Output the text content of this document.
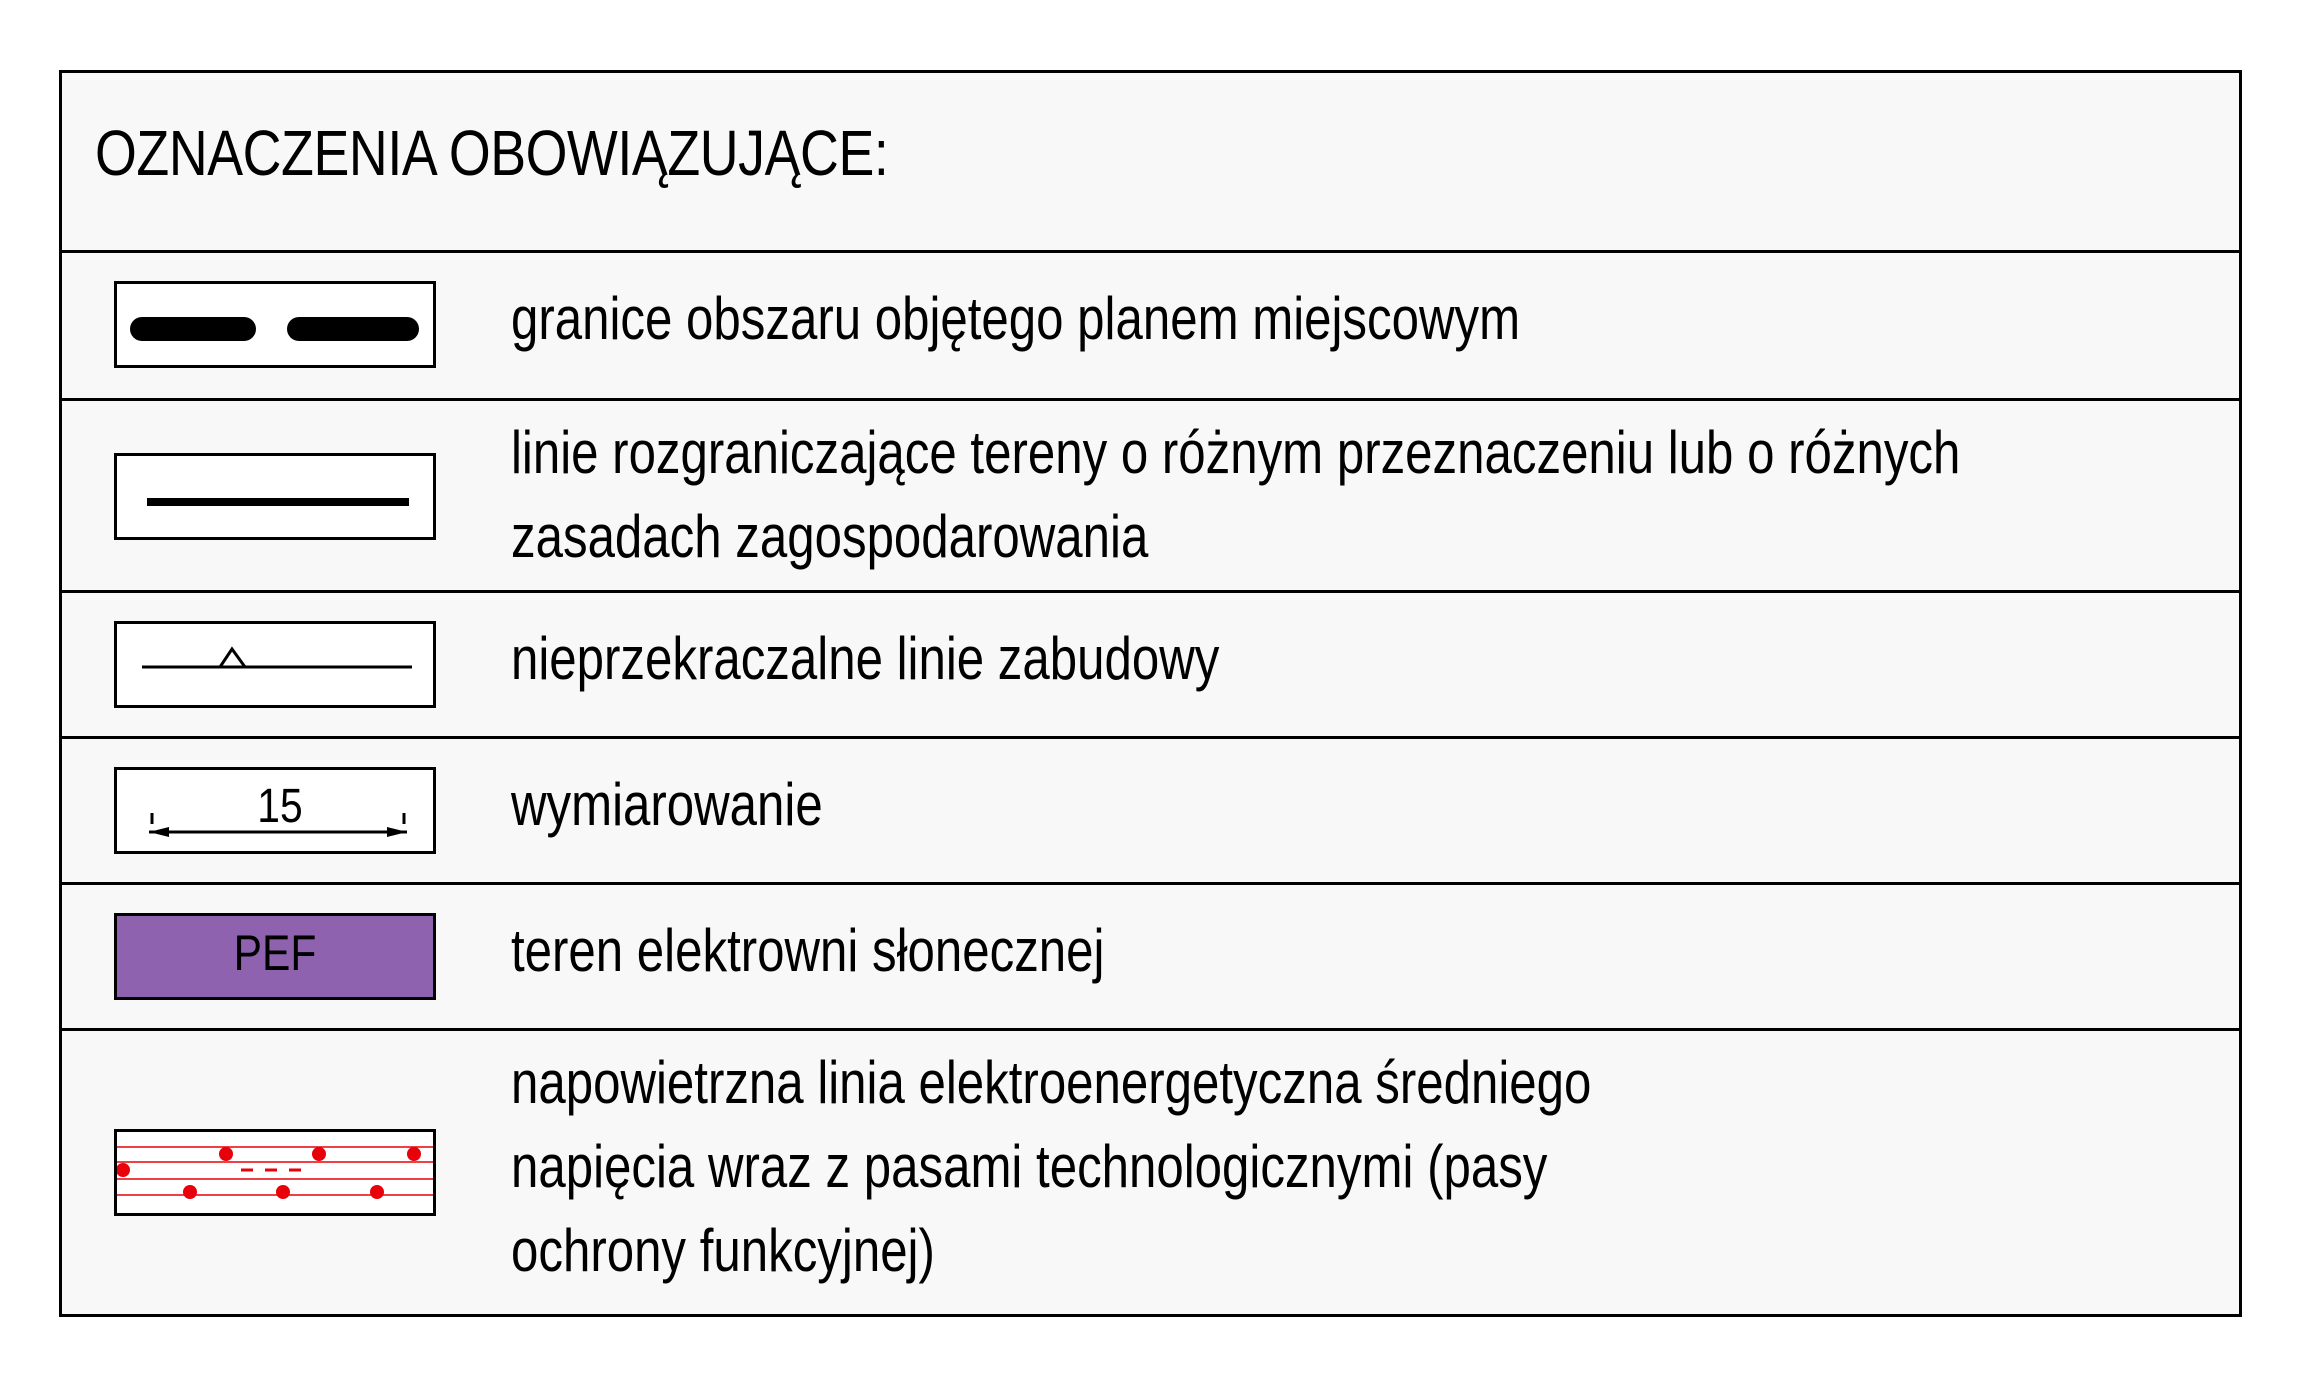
OZNACZENIA OBOWIĄZUJĄCE:
granice obszaru objętego planem miejscowym
linie rozgraniczające tereny o różnym przeznaczeniu lub o różnych
zasadach zagospodarowania
nieprzekraczalne linie zabudowy
15	wymiarowanie
PEF	teren elektrowni słonecznej
napowietrzna linia elektroenergetyczna średniego
napięcia wraz z pasami technologicznymi (pasy
ochrony funkcyjnej)
